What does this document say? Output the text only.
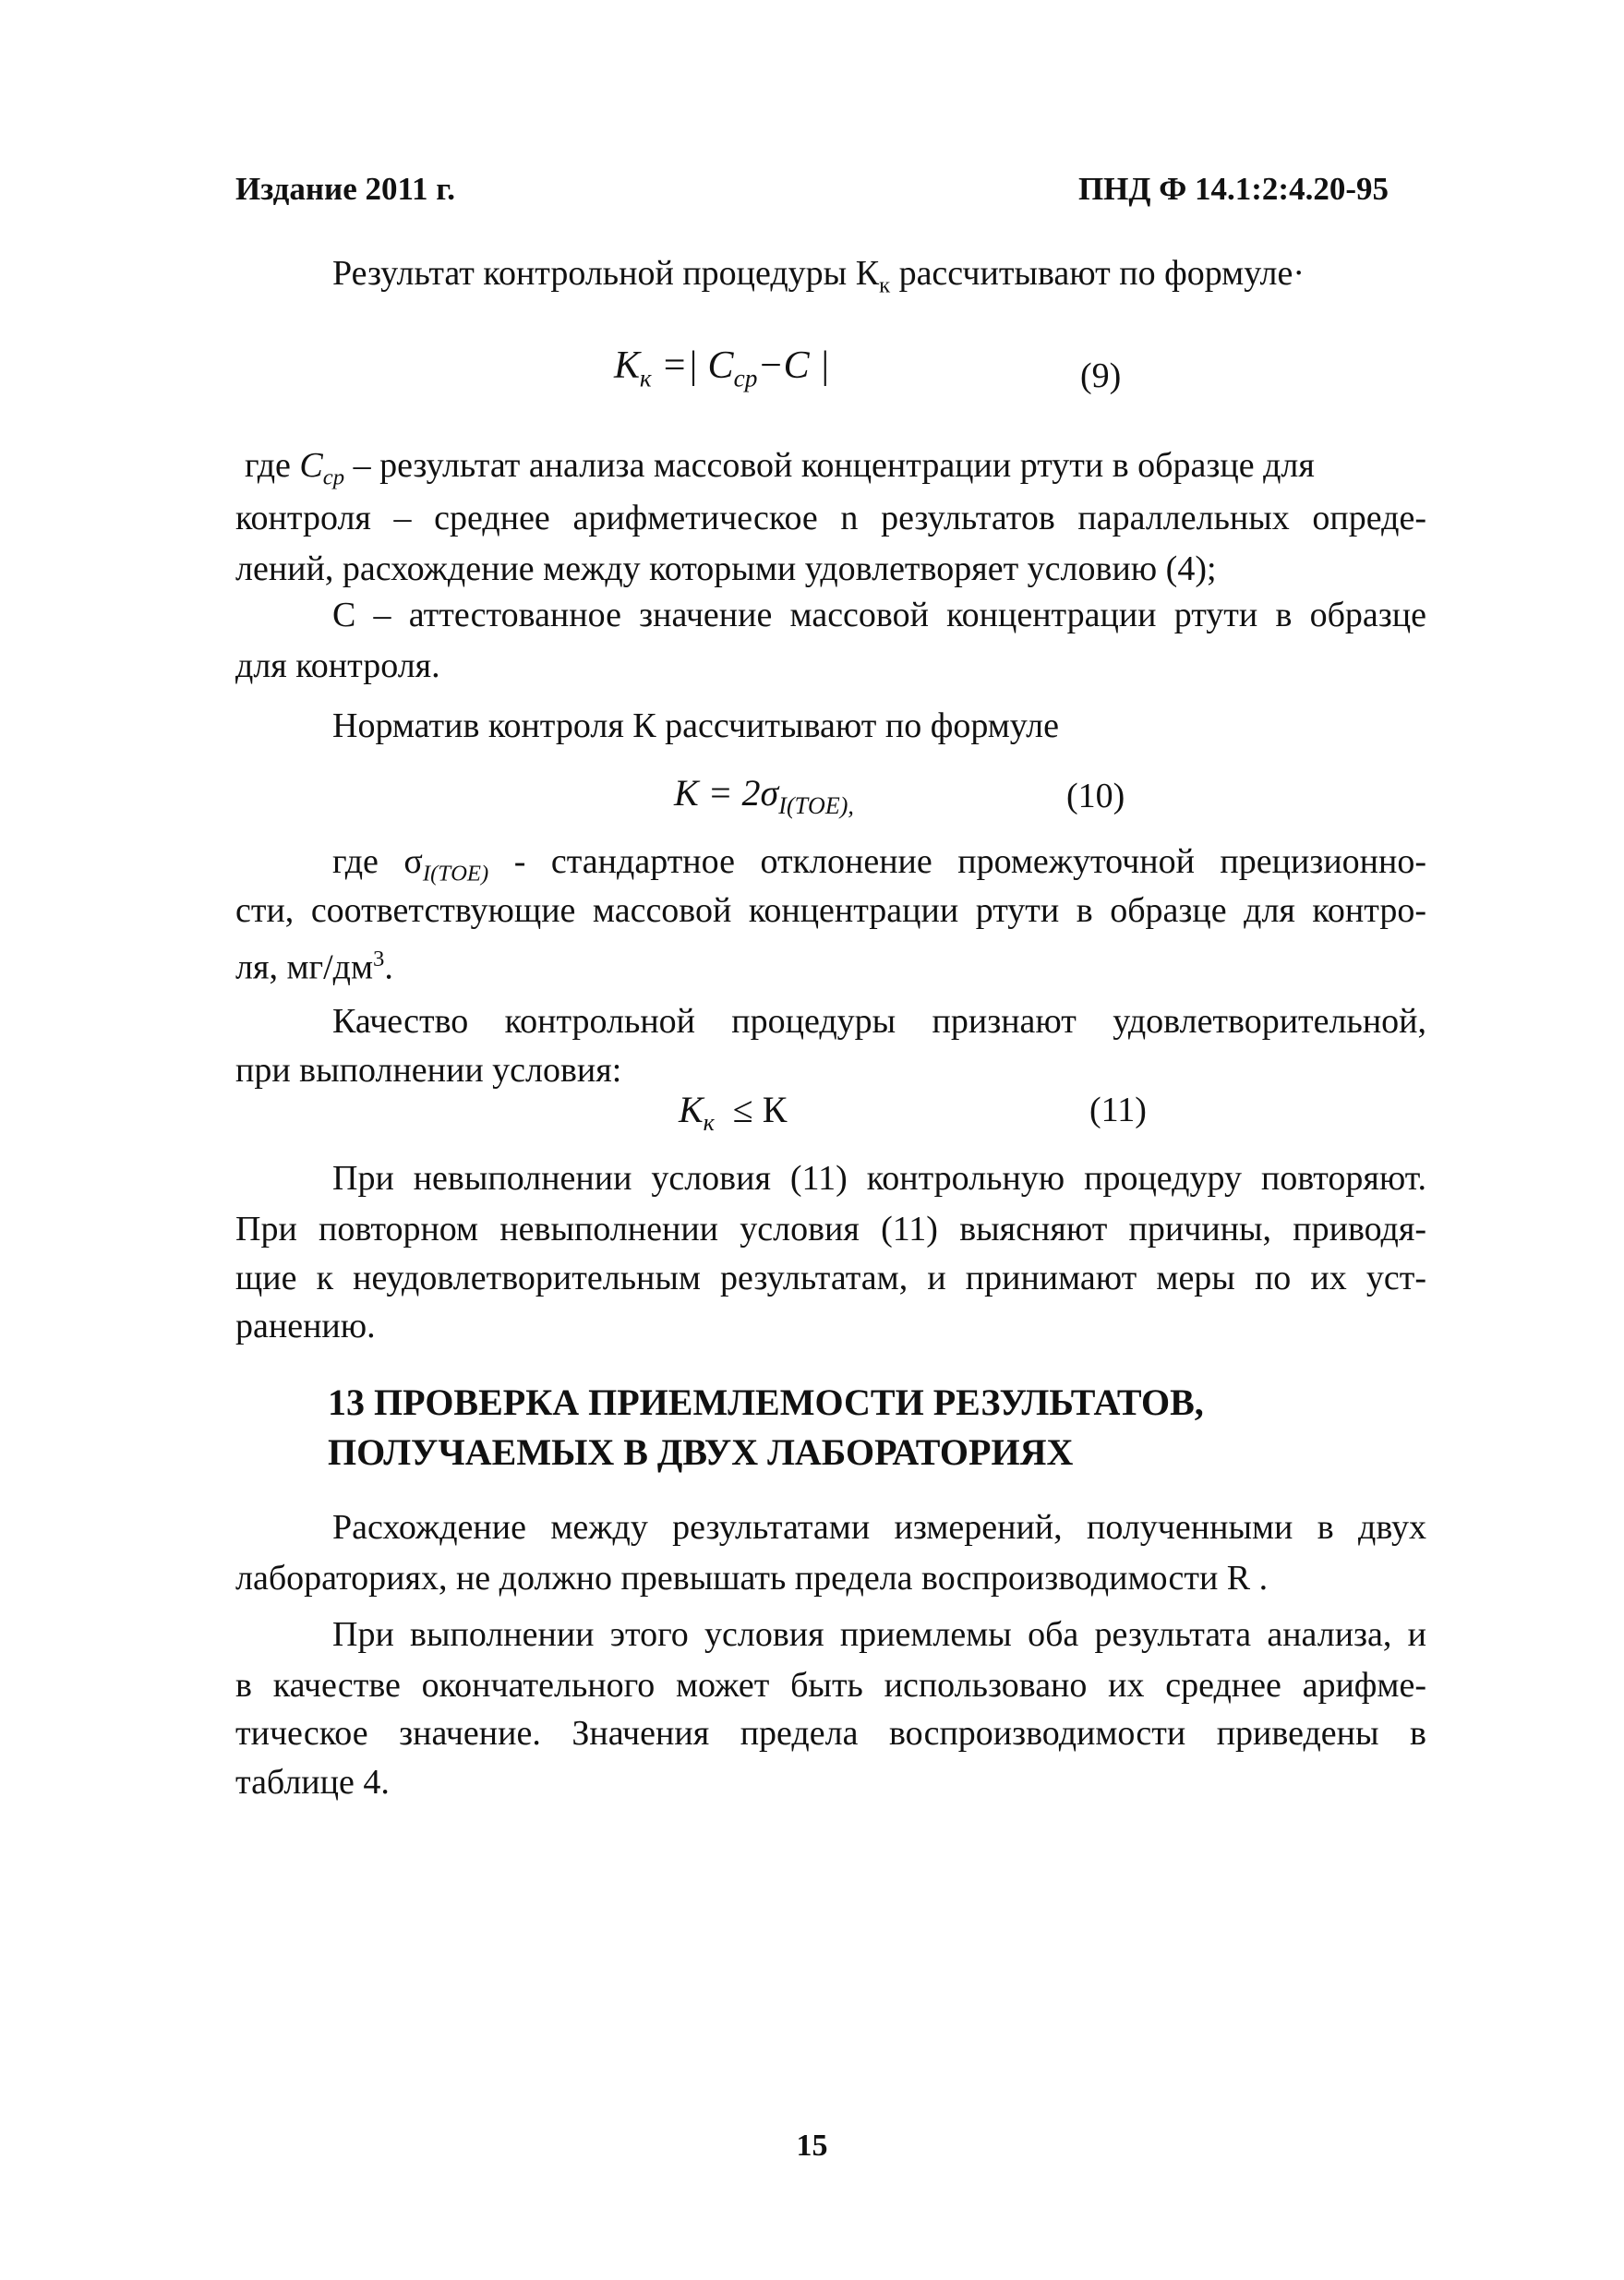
Издание 2011 г.	ПНД Ф 14.1:2:4.20-95
Результат контрольной процедуры $К_к$ рассчитывают по формуле·
$К_к$ =| $C_{ср}-C$ |	(9)
где $C_{ср}$ – результат анализа массовой концентрации ртути в образце для
контроля – среднее арифметическое n результатов параллельных опреде-
лений, расхождение между которыми удовлетворяет условию (4);
C – аттестованное значение массовой концентрации ртути в образце
для контроля.
Норматив контроля К рассчитывают по формуле
$К = 2\sigma_{I(ТОЕ),}$	(10)
где $\sigma_{I(ТОЕ)}$ - стандартное отклонение промежуточной прецизионно-
сти, соответствующие массовой концентрации ртути в образце для контро-
ля, $мг/дм^3$.
Качество контрольной процедуры признают удовлетворительной,
при выполнении условия:
$К_к \le К$	(11)
При невыполнении условия (11) контрольную процедуру повторяют.
При повторном невыполнении условия (11) выясняют причины, приводя-
щие к неудовлетворительным результатам, и принимают меры по их уст-
ранению.
13 ПРОВЕРКА ПРИЕМЛЕМОСТИ РЕЗУЛЬТАТОВ,
ПОЛУЧАЕМЫХ В ДВУХ ЛАБОРАТОРИЯХ
Расхождение между результатами измерений, полученными в двух
лабораториях, не должно превышать предела воспроизводимости R .
При выполнении этого условия приемлемы оба результата анализа, и
в качестве окончательного может быть использовано их среднее арифме-
тическое значение. Значения предела воспроизводимости приведены в
таблице 4.
15
